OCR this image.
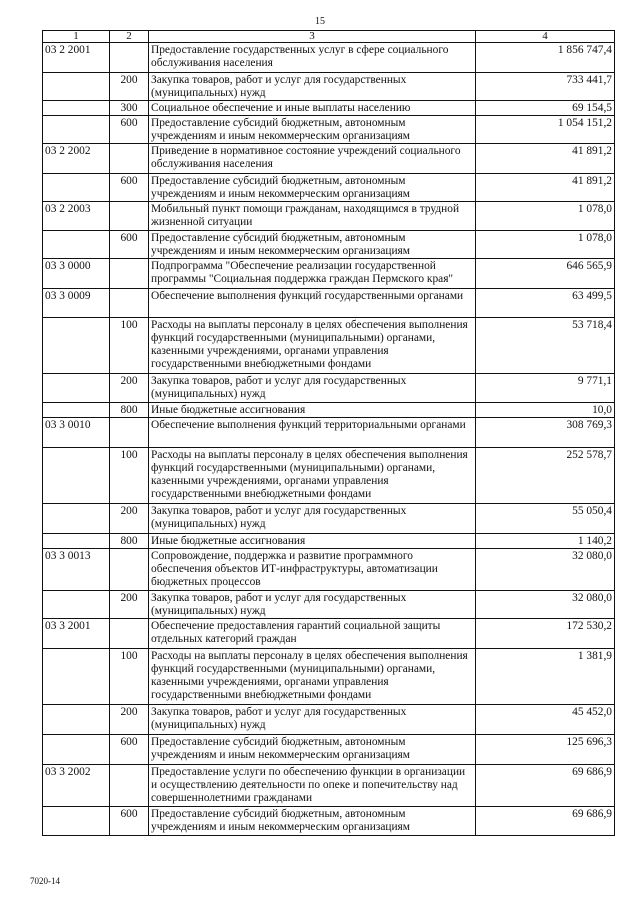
15
1	2	3	4
03 2 2001		Предоставление государственных услуг в сфере социального обслуживания населения	1 856 747,4
	200	Закупка товаров, работ и услуг для государственных (муниципальных) нужд	733 441,7
	300	Социальное обеспечение и иные выплаты населению	69 154,5
	600	Предоставление субсидий бюджетным, автономным учреждениям и иным некоммерческим организациям	1 054 151,2
03 2 2002		Приведение в нормативное состояние учреждений социального обслуживания населения	41 891,2
	600	Предоставление субсидий бюджетным, автономным учреждениям и иным некоммерческим организациям	41 891,2
03 2 2003		Мобильный пункт помощи гражданам, находящимся в трудной жизненной ситуации	1 078,0
	600	Предоставление субсидий бюджетным, автономным учреждениям и иным некоммерческим организациям	1 078,0
03 3 0000		Подпрограмма "Обеспечение реализации государственной программы "Социальная поддержка граждан Пермского края"	646 565,9
03 3 0009		Обеспечение выполнения функций государственными органами	63 499,5
	100	Расходы на выплаты персоналу в целях обеспечения выполнения функций государственными (муниципальными) органами, казенными учреждениями, органами управления государственными внебюджетными фондами	53 718,4
	200	Закупка товаров, работ и услуг для государственных (муниципальных) нужд	9 771,1
	800	Иные бюджетные ассигнования	10,0
03 3 0010		Обеспечение выполнения функций территориальными органами	308 769,3
	100	Расходы на выплаты персоналу в целях обеспечения выполнения функций государственными (муниципальными) органами, казенными учреждениями, органами управления государственными внебюджетными фондами	252 578,7
	200	Закупка товаров, работ и услуг для государственных (муниципальных) нужд	55 050,4
	800	Иные бюджетные ассигнования	1 140,2
03 3 0013		Сопровождение, поддержка и развитие программного обеспечения объектов ИТ-инфраструктуры, автоматизации бюджетных процессов	32 080,0
	200	Закупка товаров, работ и услуг для государственных (муниципальных) нужд	32 080,0
03 3 2001		Обеспечение предоставления гарантий социальной защиты отдельных категорий граждан	172 530,2
	100	Расходы на выплаты персоналу в целях обеспечения выполнения функций государственными (муниципальными) органами, казенными учреждениями, органами управления государственными внебюджетными фондами	1 381,9
	200	Закупка товаров, работ и услуг для государственных (муниципальных) нужд	45 452,0
	600	Предоставление субсидий бюджетным, автономным учреждениям и иным некоммерческим организациям	125 696,3
03 3 2002		Предоставление услуги по обеспечению функции в организации и осуществлению деятельности по опеке и попечительству над совершеннолетними гражданами	69 686,9
	600	Предоставление субсидий бюджетным, автономным учреждениям и иным некоммерческим организациям	69 686,9
7020-14
